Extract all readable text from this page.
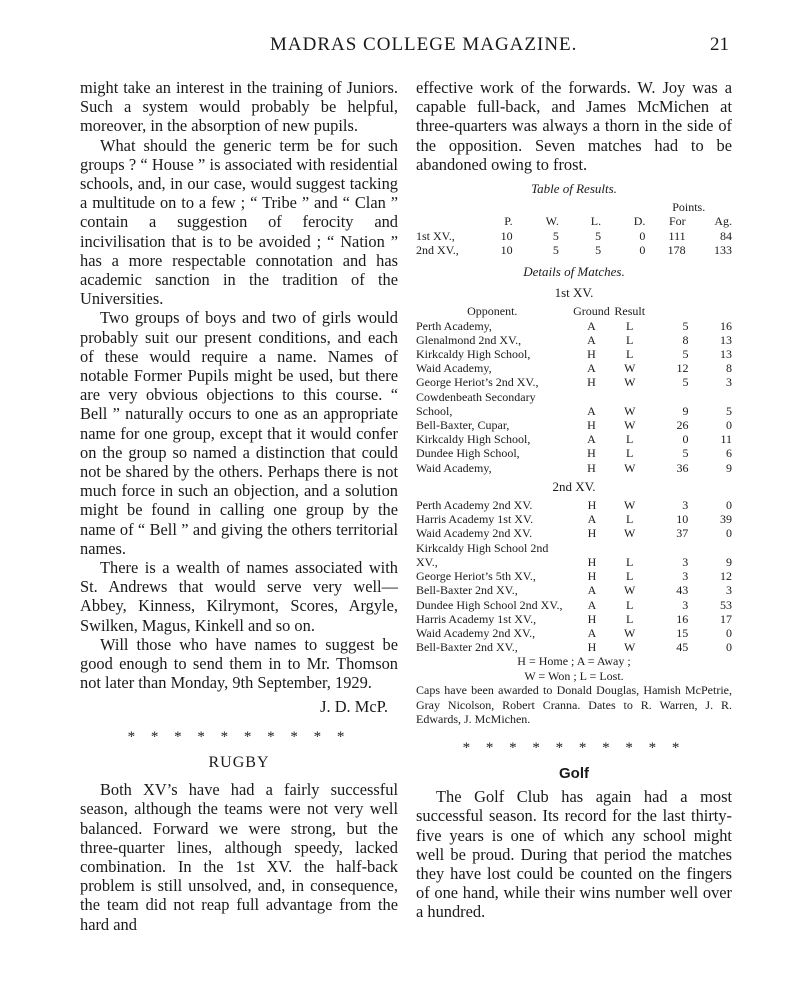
MADRAS COLLEGE MAGAZINE.	21

might take an interest in the training of Juniors. Such a system would probably be helpful, moreover, in the absorption of new pupils.

What should the generic term be for such groups ? “ House ” is associated with residential schools, and, in our case, would suggest tacking a multitude on to a few ; “ Tribe ” and “ Clan ” contain a suggestion of ferocity and incivilisation that is to be avoided ; “ Nation ” has a more respectable connotation and has academic sanction in the tradition of the Universities.

Two groups of boys and two of girls would probably suit our present conditions, and each of these would require a name. Names of notable Former Pupils might be used, but there are very obvious objections to this course. “ Bell ” naturally occurs to one as an appropriate name for one group, except that it would confer on the group so named a distinction that could not be shared by the others. Perhaps there is not much force in such an objection, and a solution might be found in calling one group by the name of “ Bell ” and giving the others territorial names.

There is a wealth of names associated with St. Andrews that would serve very well—Abbey, Kinness, Kilrymont, Scores, Argyle, Swilken, Magus, Kinkell and so on.

Will those who have names to suggest be good enough to send them in to Mr. Thomson not later than Monday, 9th September, 1929.

J. D. McP.

* * * * * * * * * *
RUGBY

Both XV’s have had a fairly successful season, although the teams were not very well balanced. Forward we were strong, but the three-quarter lines, although speedy, lacked combination. In the 1st XV. the half-back problem is still unsolved, and, in consequence, the team did not reap full advantage from the hard and

effective work of the forwards. W. Joy was a capable full-back, and James McMichen at three-quarters was always a thorn in the side of the opposition. Seven matches had to be abandoned owing to frost.

Table of Results.
					Points.	
	P.	W.	L.	D.	For	Ag.
1st XV.,	10	5	5	0	111	84
2nd XV.,	10	5	5	0	178	133
Details of Matches.
1st XV.
Opponent.	Ground	Result		
Perth Academy,	A	L	5	16
Glenalmond 2nd XV.,	A	L	8	13
Kirkcaldy High School,	H	L	5	13
Waid Academy,	A	W	12	8
George Heriot’s 2nd XV.,	H	W	5	3
Cowdenbeath Secondary School,	A	W	9	5
Bell-Baxter, Cupar,	H	W	26	0
Kirkcaldy High School,	A	L	0	11
Dundee High School,	H	L	5	6
Waid Academy,	H	W	36	9
2nd XV.
Perth Academy 2nd XV.	H	W	3	0
Harris Academy 1st XV.	A	L	10	39
Waid Academy 2nd XV.	H	W	37	0
Kirkcaldy High School 2nd XV.,	H	L	3	9
George Heriot’s 5th XV.,	H	L	3	12
Bell-Baxter 2nd XV.,	A	W	43	3
Dundee High School 2nd XV.,	A	L	3	53
Harris Academy 1st XV.,	H	L	16	17
Waid Academy 2nd XV.,	A	W	15	0
Bell-Baxter 2nd XV.,	H	W	45	0
H = Home ; A = Away ;
W = Won ; L = Lost.

Caps have been awarded to Donald Douglas, Hamish McPetrie, Gray Nicolson, Robert Cranna. Dates to R. Warren, J. R. Edwards, J. McMichen.

* * * * * * * * * *
Golf

The Golf Club has again had a most successful season. Its record for the last thirty-five years is one of which any school might well be proud. During that period the matches they have lost could be counted on the fingers of one hand, while their wins number well over a hundred.
